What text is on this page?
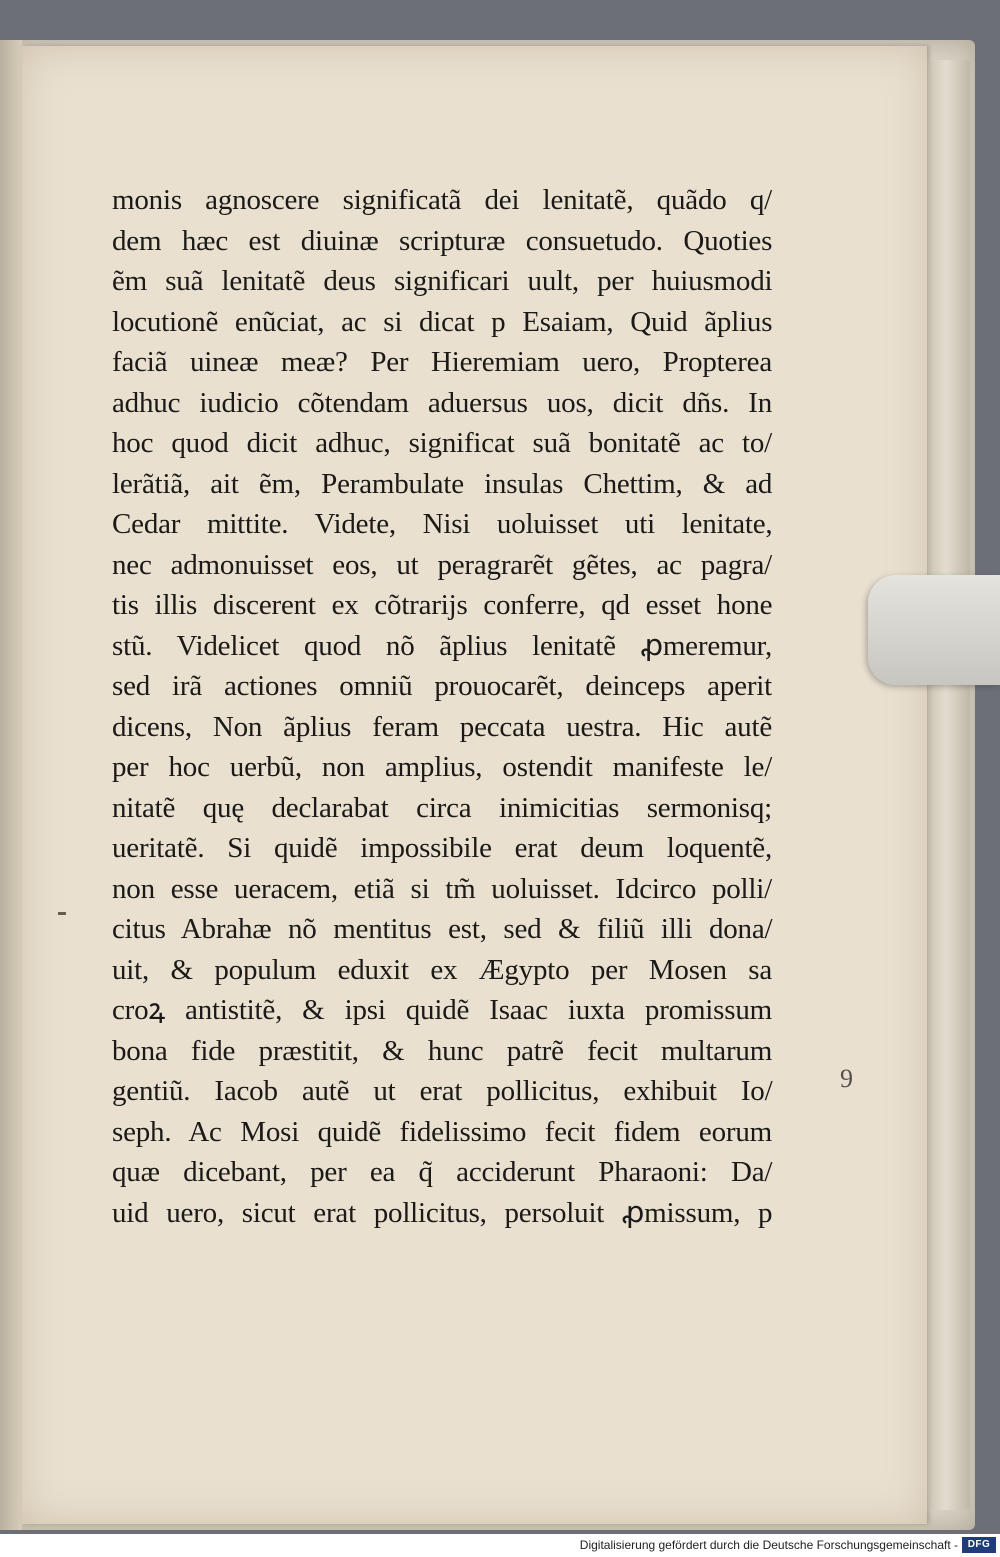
monis agnoscere significatã dei lenitatẽ, quãdo q/
dem hæc est diuinæ scripturæ consuetudo. Quoties
ẽm suã lenitatẽ deus significari uult, per huiusmodi
locutionẽ enũciat, ac si dicat p Esaiam, Quid ãplius
faciã uineæ meæ? Per Hieremiam uero, Propterea
adhuc iudicio cõtendam aduersus uos, dicit dñs. In
hoc quod dicit adhuc, significat suã bonitatẽ ac to/
lerãtiã, ait ẽm, Perambulate insulas Chettim, & ad
Cedar mittite. Videte, Nisi uoluisset uti lenitate,
nec admonuisset eos, ut peragrarẽt gẽtes, ac pagra/
tis illis discerent ex cõtrarijs conferre, qd esset hone
stũ. Videlicet quod nõ ãplius lenitatẽ ꝓmeremur,
sed irã actiones omniũ prouocarẽt, deinceps aperit
dicens, Non ãplius feram peccata uestra. Hic autẽ
per hoc uerbũ, non amplius, ostendit manifeste le/
nitatẽ quę declarabat circa inimicitias sermonisq;
ueritatẽ. Si quidẽ impossibile erat deum loquentẽ,
non esse ueracem, etiã si tm̃ uoluisset. Idcirco polli/
citus Abrahæ nõ mentitus est, sed & filiũ illi dona/
uit, & populum eduxit ex Ægypto per Mosen sa
croꝝ antistitẽ, & ipsi quidẽ Isaac iuxta promissum
bona fide præstitit, & hunc patrẽ fecit multarum
gentiũ. Iacob autẽ ut erat pollicitus, exhibuit Io/
seph. Ac Mosi quidẽ fidelissimo fecit fidem eorum
quæ dicebant, per ea q̃ acciderunt Pharaoni: Da/
uid uero, sicut erat pollicitus, persoluit ꝓmissum, p
9
Digitalisierung gefördert durch die Deutsche Forschungsgemeinschaft - DFG
